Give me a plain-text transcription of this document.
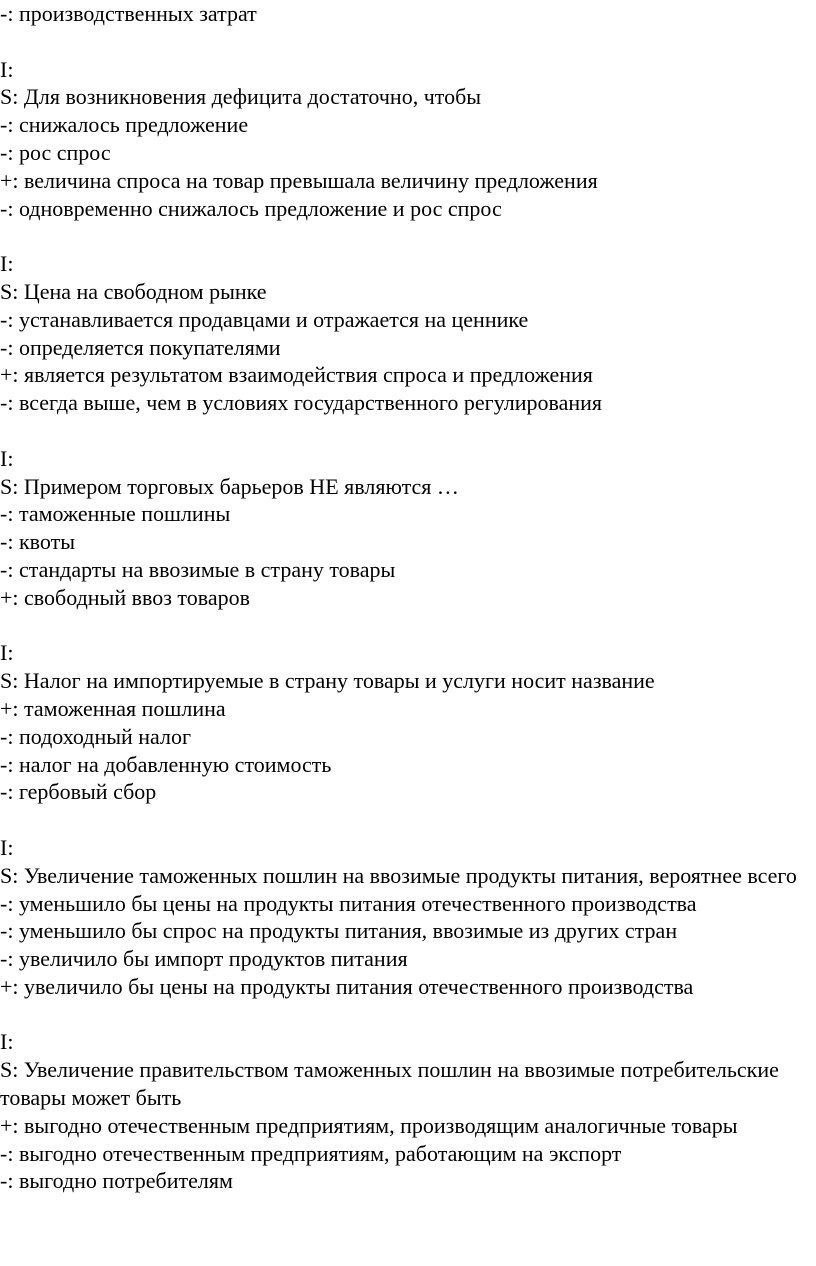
-: производственных затрат
I:
S: Для возникновения дефицита достаточно, чтобы
-: снижалось предложение
-: рос спрос
+: величина спроса на товар превышала величину предложения
-: одновременно снижалось предложение и рос спрос
I:
S: Цена на свободном рынке
-: устанавливается продавцами и отражается на ценнике
-: определяется покупателями
+: является результатом взаимодействия спроса и предложения
-: всегда выше, чем в условиях государственного регулирования
I:
S: Примером торговых барьеров НЕ являются …
-: таможенные пошлины
-: квоты
-: стандарты на ввозимые в страну товары
+: свободный ввоз товаров
I:
S: Налог на импортируемые в страну товары и услуги носит название
+: таможенная пошлина
-: подоходный налог
-: налог на добавленную стоимость
-: гербовый сбор
I:
S: Увеличение таможенных пошлин на ввозимые продукты питания, вероятнее всего
-: уменьшило бы цены на продукты питания отечественного производства
-: уменьшило бы спрос на продукты питания, ввозимые из других стран
-: увеличило бы импорт продуктов питания
+: увеличило бы цены на продукты питания отечественного производства
I:
S: Увеличение правительством таможенных пошлин на ввозимые потребительские товары может быть
+: выгодно отечественным предприятиям, производящим аналогичные товары
-: выгодно отечественным предприятиям, работающим на экспорт
-: выгодно потребителям
